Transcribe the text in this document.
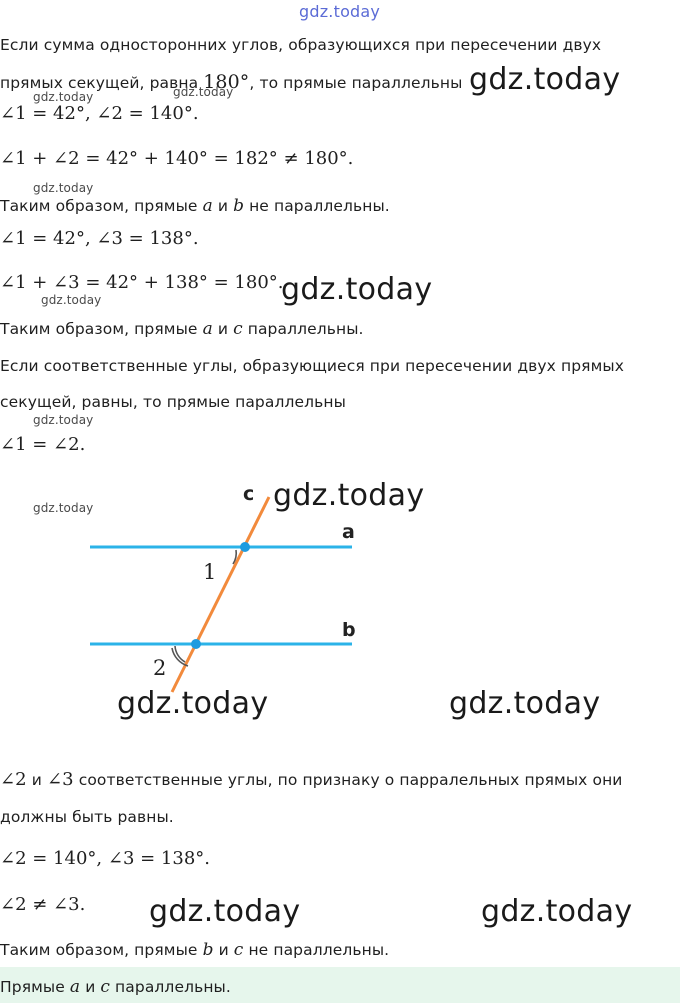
gdz.today
Если сумма односторонних углов, образующихся при пересечении двух
прямых секущей, равна 180°, то прямые параллельны gdz.today
gdz.today	gdz.today
∠1 = 42°, ∠2 = 140°.
∠1 + ∠2 = 42° + 140° = 182° ≠ 180°.
gdz.today
Таким образом, прямые a и b не параллельны.
∠1 = 42°, ∠3 = 138°.
∠1 + ∠3 = 42° + 138° = 180°.
gdz.today
gdz.today
Таким образом, прямые a и c параллельны.
Если соответственные углы, образующиеся при пересечении двух прямых
секущей, равны, то прямые параллельны
gdz.today
∠1 = ∠2.
gdz.today
c
a
b
1
2
gdz.today
gdz.today	gdz.today
∠2 и ∠3 соответственные углы, по признаку о парралельных прямых они
должны быть равны.
∠2 = 140°, ∠3 = 138°.
∠2 ≠ ∠3. gdz.today	gdz.today
Таким образом, прямые b и c не параллельны.
Прямые a и c параллельны.
